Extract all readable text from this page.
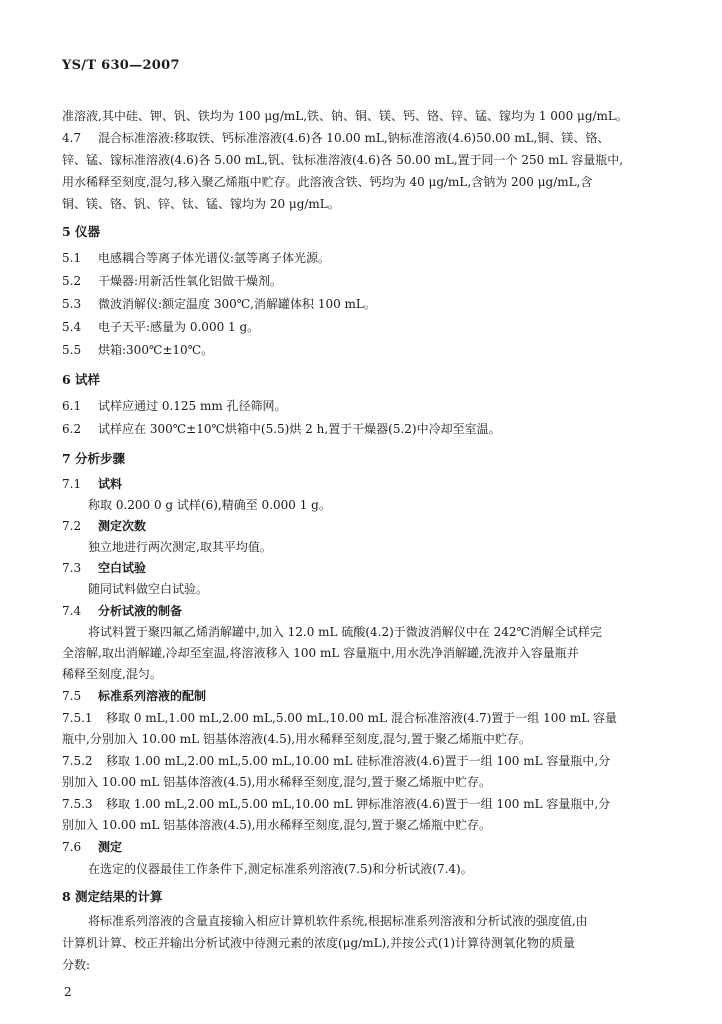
YS/T 630—2007
准溶液,其中硅、钾、钒、铁均为 100 μg/mL,铁、钠、铜、镁、钙、铬、锌、锰、镓均为 1 000 μg/mL。
4.7 混合标准溶液:移取铁、钙标准溶液(4.6)各 10.00 mL,钠标准溶液(4.6)50.00 mL,铜、镁、铬、
锌、锰、镓标准溶液(4.6)各 5.00 mL,钒、钛标准溶液(4.6)各 50.00 mL,置于同一个 250 mL 容量瓶中,
用水稀释至刻度,混匀,移入聚乙烯瓶中贮存。此溶液含铁、钙均为 40 μg/mL,含钠为 200 μg/mL,含
铜、镁、铬、钒、锌、钛、锰、镓均为 20 μg/mL。
5 仪器
5.1 电感耦合等离子体光谱仪:氩等离子体光源。
5.2 干燥器:用新活性氧化铝做干燥剂。
5.3 微波消解仪:额定温度 300℃,消解罐体积 100 mL。
5.4 电子天平:感量为 0.000 1 g。
5.5 烘箱:300℃±10℃。
6 试样
6.1 试样应通过 0.125 mm 孔径筛网。
6.2 试样应在 300℃±10℃烘箱中(5.5)烘 2 h,置于干燥器(5.2)中冷却至室温。
7 分析步骤
7.1 试料
称取 0.200 0 g 试样(6),精确至 0.000 1 g。
7.2 测定次数
独立地进行两次测定,取其平均值。
7.3 空白试验
随同试料做空白试验。
7.4 分析试液的制备
将试料置于聚四氟乙烯消解罐中,加入 12.0 mL 硫酸(4.2)于微波消解仪中在 242℃消解全试样完
全溶解,取出消解罐,冷却至室温,将溶液移入 100 mL 容量瓶中,用水洗净消解罐,洗液并入容量瓶并
稀释至刻度,混匀。
7.5 标准系列溶液的配制
7.5.1 移取 0 mL,1.00 mL,2.00 mL,5.00 mL,10.00 mL 混合标准溶液(4.7)置于一组 100 mL 容量
瓶中,分别加入 10.00 mL 铝基体溶液(4.5),用水稀释至刻度,混匀,置于聚乙烯瓶中贮存。
7.5.2 移取 1.00 mL,2.00 mL,5.00 mL,10.00 mL 硅标准溶液(4.6)置于一组 100 mL 容量瓶中,分
别加入 10.00 mL 铝基体溶液(4.5),用水稀释至刻度,混匀,置于聚乙烯瓶中贮存。
7.5.3 移取 1.00 mL,2.00 mL,5.00 mL,10.00 mL 钾标准溶液(4.6)置于一组 100 mL 容量瓶中,分
别加入 10.00 mL 铝基体溶液(4.5),用水稀释至刻度,混匀,置于聚乙烯瓶中贮存。
7.6 测定
在选定的仪器最佳工作条件下,测定标准系列溶液(7.5)和分析试液(7.4)。
8 测定结果的计算
将标准系列溶液的含量直接输入相应计算机软件系统,根据标准系列溶液和分析试液的强度值,由
计算机计算、校正并输出分析试液中待测元素的浓度(μg/mL),并按公式(1)计算待测氧化物的质量
分数:
2
